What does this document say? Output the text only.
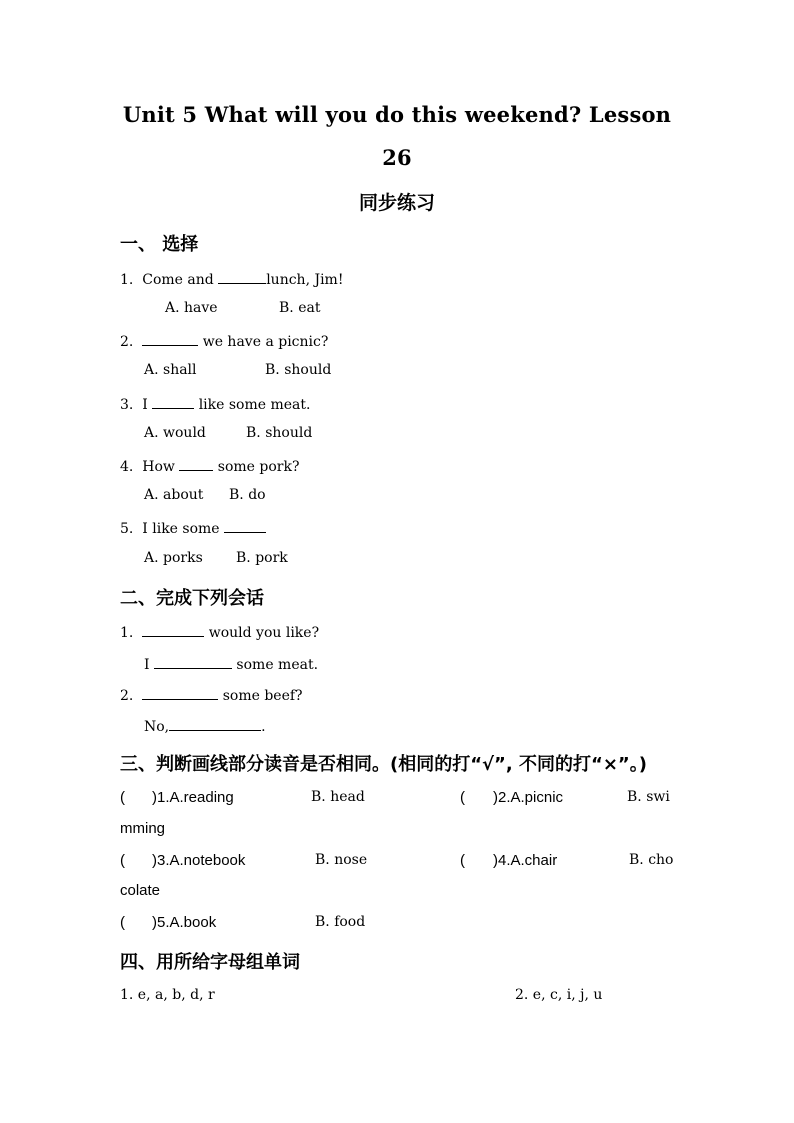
Unit 5 What will you do this weekend? Lesson
26
同步练习
一、 选择
1. Come and	lunch, Jim!
A. have	B. eat
2.	we have a picnic?
A. shall	B. should
3. I	like some meat.
A. would	B. should
4. How  some pork?
A. about B. do
5. I like some
A. porks B. pork
二、完成下列会话
1.	would you like?
I	some meat.
2.	some beef?
No,	.
三、判断画线部分读音是否相同。(相同的打“√”, 不同的打“×”。)
( )1.A.reading	B. head	( )2.A.picnic	B. swi
mming
( )3.A.notebook	B. nose	( )4.A.chair	B. cho
colate
( )5.A.book	B. food
四、用所给字母组单词
1. e, a, b, d, r	2. e, c, i, j, u
